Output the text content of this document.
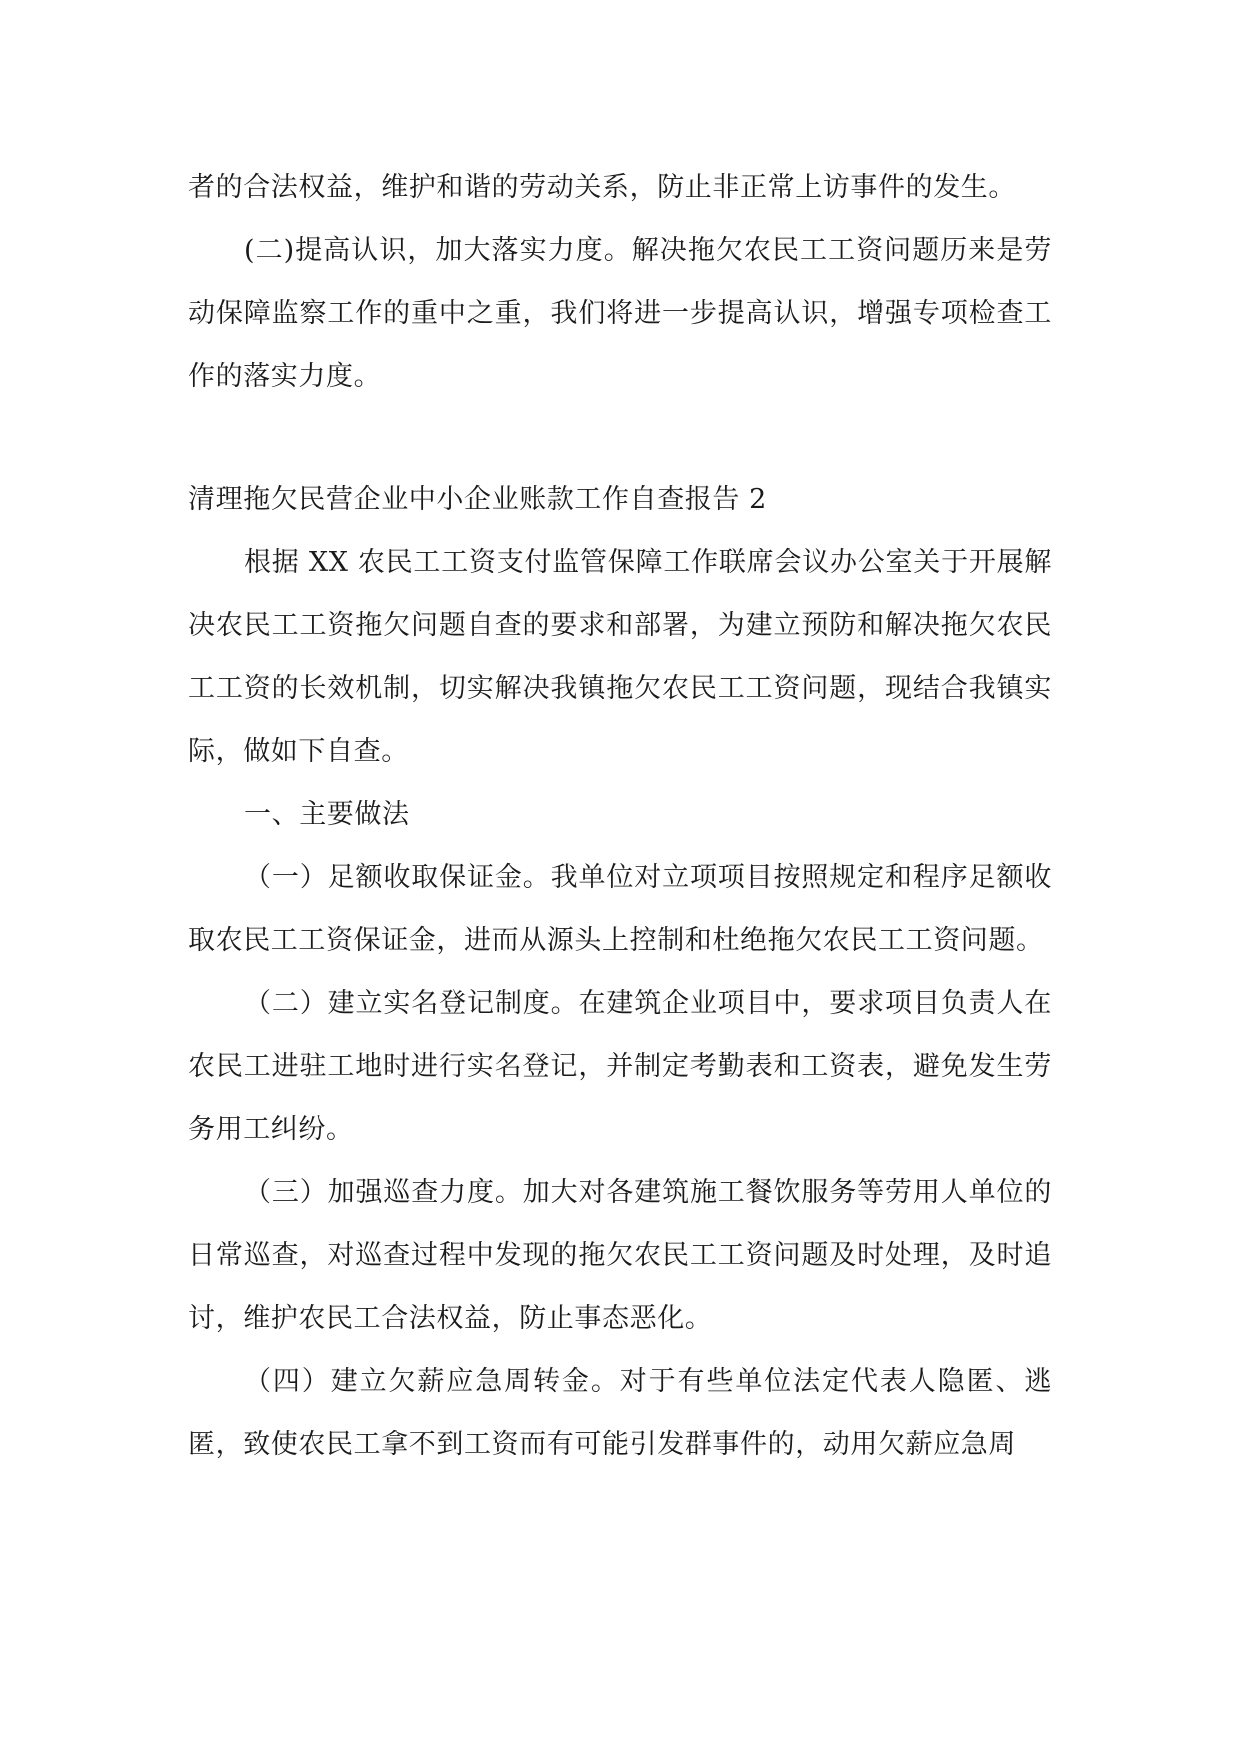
者的合法权益，维护和谐的劳动关系，防止非正常上访事件的发生。

(二)提高认识，加大落实力度。解决拖欠农民工工资问题历来是劳动保障监察工作的重中之重，我们将进一步提高认识，增强专项检查工作的落实力度。

清理拖欠民营企业中小企业账款工作自查报告 2

根据 XX 农民工工资支付监管保障工作联席会议办公室关于开展解决农民工工资拖欠问题自查的要求和部署，为建立预防和解决拖欠农民工工资的长效机制，切实解决我镇拖欠农民工工资问题，现结合我镇实际，做如下自查。

一、主要做法

（一）足额收取保证金。我单位对立项项目按照规定和程序足额收取农民工工资保证金，进而从源头上控制和杜绝拖欠农民工工资问题。

（二）建立实名登记制度。在建筑企业项目中，要求项目负责人在农民工进驻工地时进行实名登记，并制定考勤表和工资表，避免发生劳务用工纠纷。

（三）加强巡查力度。加大对各建筑施工餐饮服务等劳用人单位的日常巡查，对巡查过程中发现的拖欠农民工工资问题及时处理，及时追讨，维护农民工合法权益，防止事态恶化。

（四）建立欠薪应急周转金。对于有些单位法定代表人隐匿、逃匿，致使农民工拿不到工资而有可能引发群事件的，动用欠薪应急周
